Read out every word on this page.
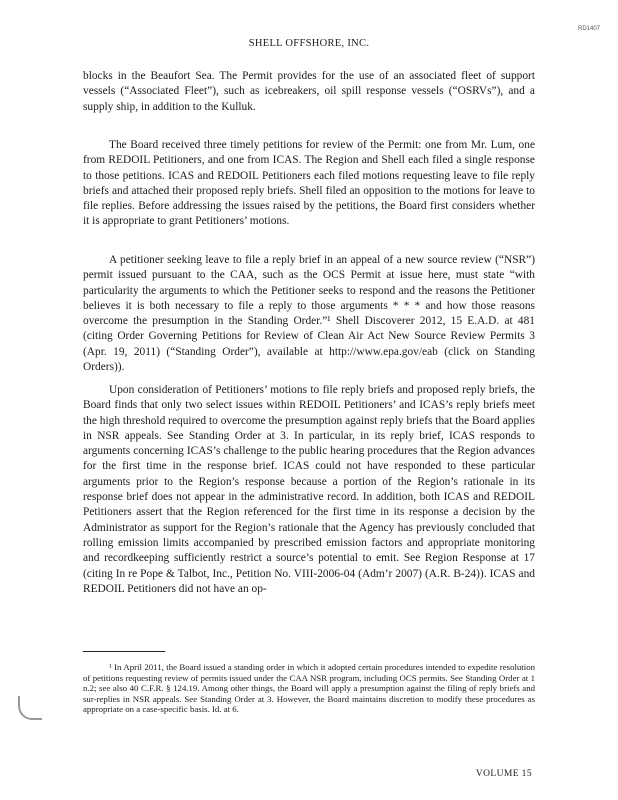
RD1407
SHELL OFFSHORE, INC.

blocks in the Beaufort Sea. The Permit provides for the use of an associated fleet of support vessels (“Associated Fleet”), such as icebreakers, oil spill response vessels (“OSRVs”), and a supply ship, in addition to the Kulluk.

The Board received three timely petitions for review of the Permit: one from Mr. Lum, one from REDOIL Petitioners, and one from ICAS. The Region and Shell each filed a single response to those petitions. ICAS and REDOIL Petitioners each filed motions requesting leave to file reply briefs and attached their proposed reply briefs. Shell filed an opposition to the motions for leave to file replies. Before addressing the issues raised by the petitions, the Board first considers whether it is appropriate to grant Petitioners’ motions.

A petitioner seeking leave to file a reply brief in an appeal of a new source review (“NSR”) permit issued pursuant to the CAA, such as the OCS Permit at issue here, must state “with particularity the arguments to which the Petitioner seeks to respond and the reasons the Petitioner believes it is both necessary to file a reply to those arguments * * * and how those reasons overcome the presumption in the Standing Order.”¹ Shell Discoverer 2012, 15 E.A.D. at 481 (citing Order Governing Petitions for Review of Clean Air Act New Source Review Permits 3 (Apr. 19, 2011) (“Standing Order”), available at http://www.epa.gov/eab (click on Standing Orders)).

Upon consideration of Petitioners’ motions to file reply briefs and proposed reply briefs, the Board finds that only two select issues within REDOIL Petitioners’ and ICAS’s reply briefs meet the high threshold required to overcome the presumption against reply briefs that the Board applies in NSR appeals. See Standing Order at 3. In particular, in its reply brief, ICAS responds to arguments concerning ICAS’s challenge to the public hearing procedures that the Region advances for the first time in the response brief. ICAS could not have responded to these particular arguments prior to the Region’s response because a portion of the Region’s rationale in its response brief does not appear in the administrative record. In addition, both ICAS and REDOIL Petitioners assert that the Region referenced for the first time in its response a decision by the Administrator as support for the Region’s rationale that the Agency has previously concluded that rolling emission limits accompanied by prescribed emission factors and appropriate monitoring and recordkeeping sufficiently restrict a source’s potential to emit. See Region Response at 17 (citing In re Pope & Talbot, Inc., Petition No. VIII-2006-04 (Adm’r 2007) (A.R. B-24)). ICAS and REDOIL Petitioners did not have an op-

¹ In April 2011, the Board issued a standing order in which it adopted certain procedures intended to expedite resolution of petitions requesting review of permits issued under the CAA NSR program, including OCS permits. See Standing Order at 1 n.2; see also 40 C.F.R. § 124.19. Among other things, the Board will apply a presumption against the filing of reply briefs and sur-replies in NSR appeals. See Standing Order at 3. However, the Board maintains discretion to modify these procedures as appropriate on a case-specific basis. Id. at 6.
VOLUME 15
